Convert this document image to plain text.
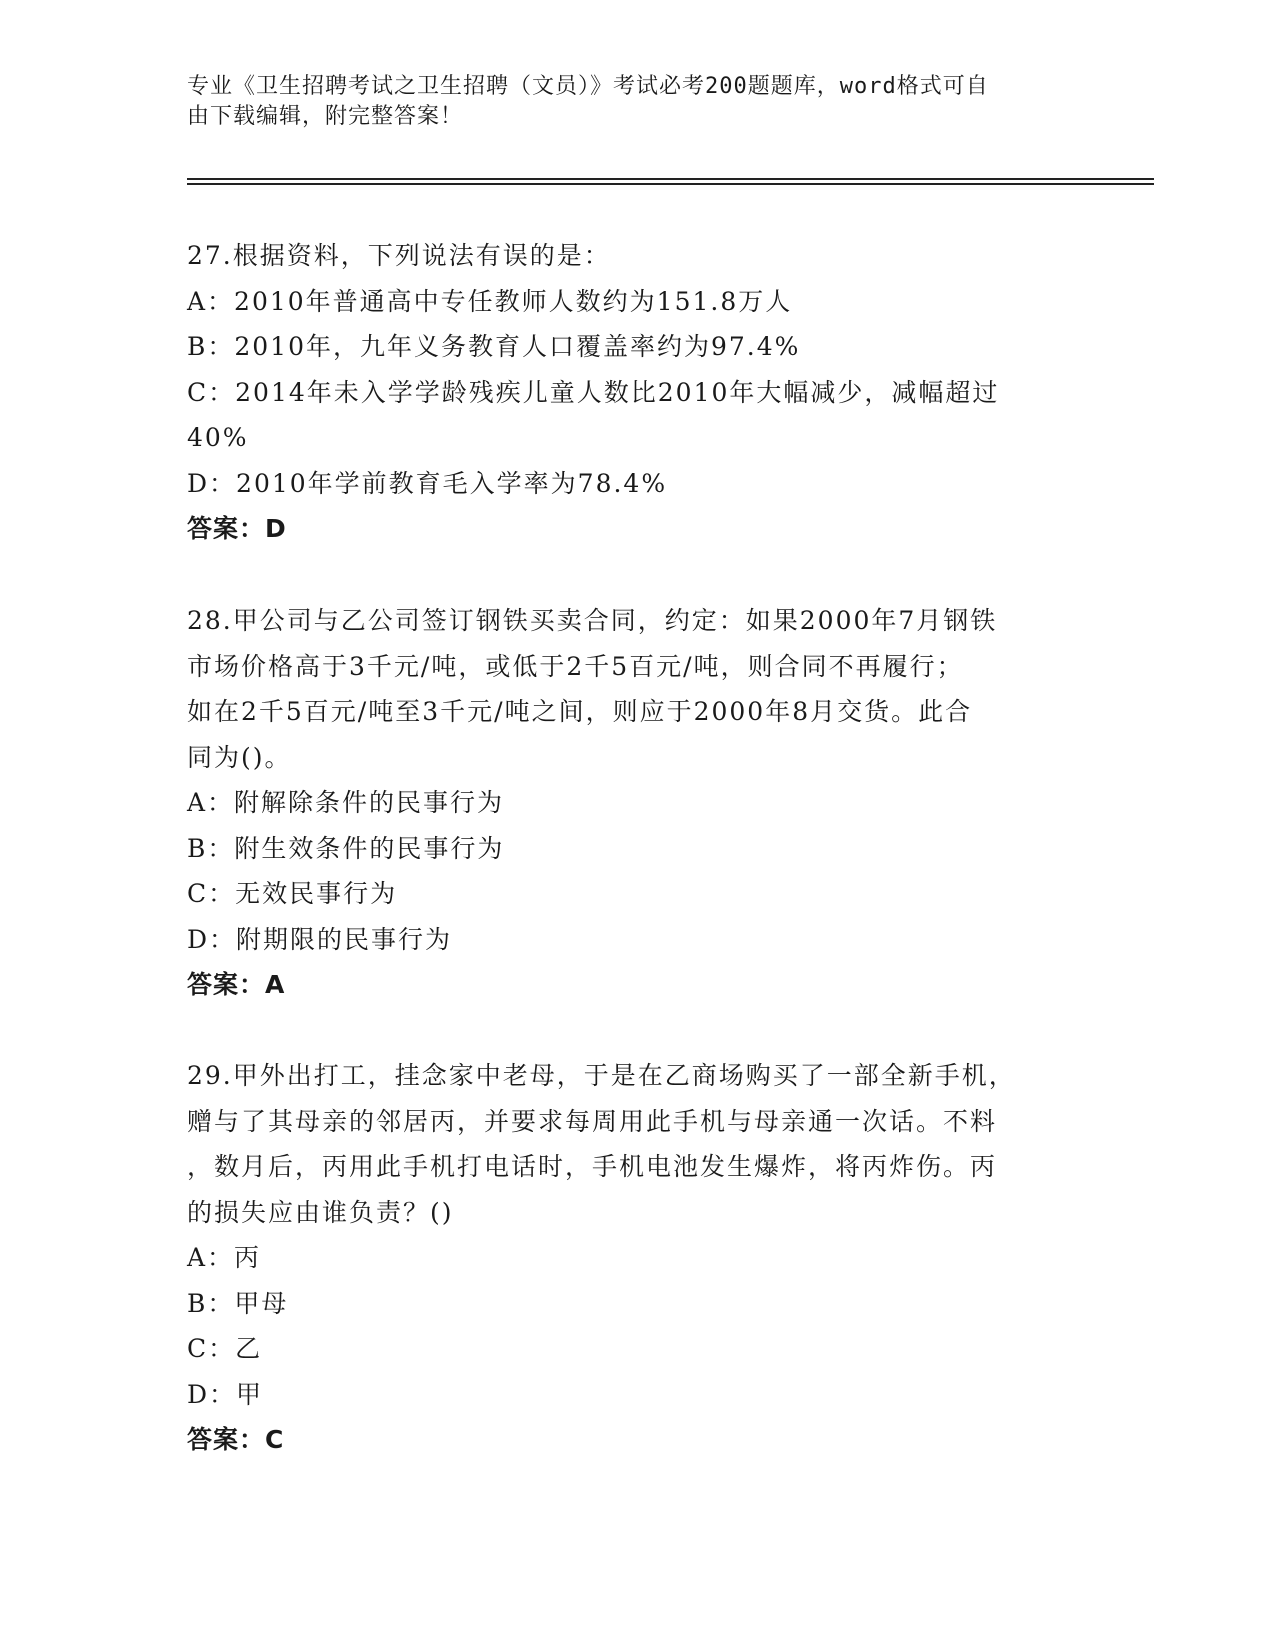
专业《卫生招聘考试之卫生招聘（文员）》考试必考200题题库，word格式可自
由下载编辑，附完整答案！
27.根据资料，下列说法有误的是：
A：2010年普通高中专任教师人数约为151.8万人
B：2010年，九年义务教育人口覆盖率约为97.4%
C：2014年未入学学龄残疾儿童人数比2010年大幅减少，减幅超过
40%
D：2010年学前教育毛入学率为78.4%
答案：D
28.甲公司与乙公司签订钢铁买卖合同，约定：如果2000年7月钢铁
市场价格高于3千元/吨，或低于2千5百元/吨，则合同不再履行；
如在2千5百元/吨至3千元/吨之间，则应于2000年8月交货。此合
同为()。
A：附解除条件的民事行为
B：附生效条件的民事行为
C：无效民事行为
D：附期限的民事行为
答案：A
29.甲外出打工，挂念家中老母，于是在乙商场购买了一部全新手机，
赠与了其母亲的邻居丙，并要求每周用此手机与母亲通一次话。不料
，数月后，丙用此手机打电话时，手机电池发生爆炸，将丙炸伤。丙
的损失应由谁负责？()
A：丙
B：甲母
C：乙
D：甲
答案：C
